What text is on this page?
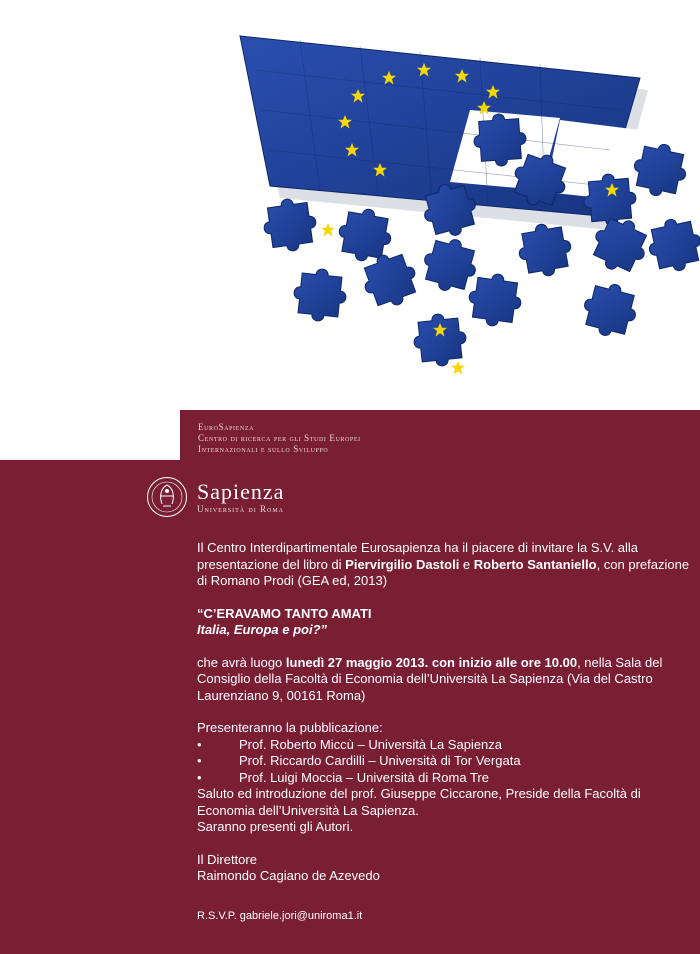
EuroSapienza
Centro di ricerca per gli Studi Europei
Internazionali e sullo Sviluppo
Sapienza
Università di Roma

Il Centro Interdipartimentale Eurosapienza ha il piacere di invitare la S.V. alla presentazione del libro di Piervirgilio Dastoli e Roberto Santaniello, con prefazione di Romano Prodi (GEA ed, 2013)

“C’ERAVAMO TANTO AMATI

Italia, Europa e poi?”

che avrà luogo lunedì 27 maggio 2013. con inizio alle ore 10.00, nella Sala del Consiglio della Facoltà di Economia dell’Università La Sapienza (Via del Castro Laurenziano 9, 00161 Roma)

Presenteranno la pubblicazione:

•	Prof. Roberto Miccù – Università La Sapienza
•	Prof. Riccardo Cardilli – Università di Tor Vergata
•	Prof. Luigi Moccia – Università di Roma Tre

Saluto ed introduzione del prof. Giuseppe Ciccarone, Preside della Facoltà di Economia dell’Università La Sapienza.

Saranno presenti gli Autori.

Il Direttore

Raimondo Cagiano de Azevedo

R.S.V.P. gabriele.jori@uniroma1.it
